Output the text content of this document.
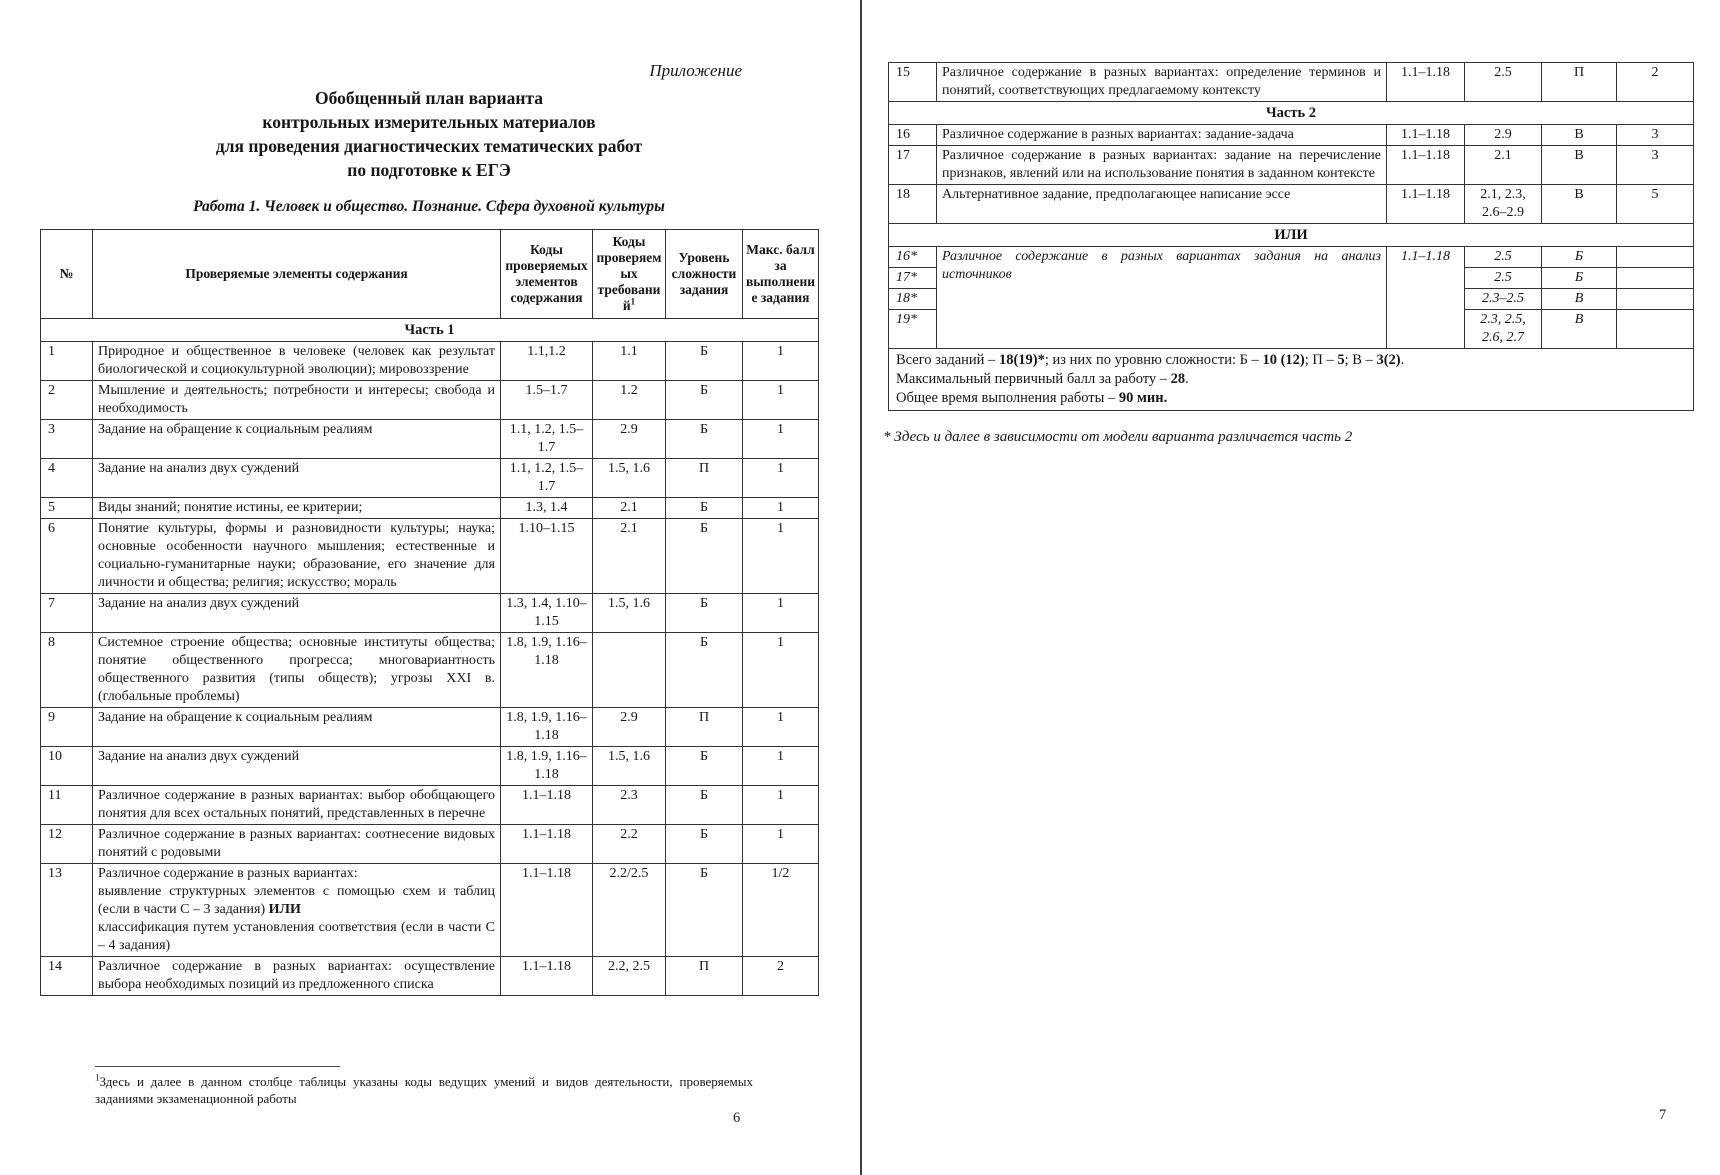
Приложение
Обобщенный план варианта
контрольных измерительных материалов
для проведения диагностических тематических работ
по подготовке к ЕГЭ
Работа 1. Человек и общество. Познание. Сфера духовной культуры
№	Проверяемые элементы содержания	Коды проверяемых элементов содержания	Коды проверяемых требований$^1$	Уровень сложности задания	Макс. балл за выполнение задания
Часть 1					
1	Природное и общественное в человеке (человек как результат биологической и социокультурной эволюции); мировоззрение	1.1,1.2	1.1	Б	1
2	Мышление и деятельность; потребности и интересы; свобода и необходимость	1.5–1.7	1.2	Б	1
3	Задание на обращение к социальным реалиям	1.1, 1.2, 1.5–1.7	2.9	Б	1
4	Задание на анализ двух суждений	1.1, 1.2, 1.5–1.7	1.5, 1.6	П	1
5	Виды знаний; понятие истины, ее критерии;	1.3, 1.4	2.1	Б	1
6	Понятие культуры, формы и разновидности культуры; наука; основные особенности научного мышления; естественные и социально-гуманитарные науки; образование, его значение для личности и общества; религия; искусство; мораль	1.10–1.15	2.1	Б	1
7	Задание на анализ двух суждений	1.3, 1.4, 1.10–1.15	1.5, 1.6	Б	1
8	Системное строение общества; основные институты общества; понятие общественного прогресса; многовариантность общественного развития (типы обществ); угрозы XXI в. (глобальные проблемы)	1.8, 1.9, 1.16–1.18		Б	1
9	Задание на обращение к социальным реалиям	1.8, 1.9, 1.16–1.18	2.9	П	1
10	Задание на анализ двух суждений	1.8, 1.9, 1.16–1.18	1.5, 1.6	Б	1
11	Различное содержание в разных вариантах: выбор обобщающего понятия для всех остальных понятий, представленных в перечне	1.1–1.18	2.3	Б	1
12	Различное содержание в разных вариантах: соотнесение видовых понятий с родовыми	1.1–1.18	2.2	Б	1
13	Различное содержание в разных вариантах:
выявление структурных элементов с помощью схем и таблиц (если в части С – 3 задания) ИЛИ
классификация путем установления соответствия (если в части С – 4 задания)	1.1–1.18	2.2/2.5	Б	1/2
14	Различное содержание в разных вариантах: осуществление выбора необходимых позиций из предложенного списка	1.1–1.18	2.2, 2.5	П	2
$^1$Здесь и далее в данном столбце таблицы указаны коды ведущих умений и видов деятельности, проверяемых заданиями экзаменационной работы
6
15	Различное содержание в разных вариантах: определение терминов и понятий, соответствующих предлагаемому контексту	1.1–1.18	2.5	П	2
Часть 2					
16	Различное содержание в разных вариантах: задание-задача	1.1–1.18	2.9	В	3
17	Различное содержание в разных вариантах: задание на перечисление признаков, явлений или на использование понятия в заданном контексте	1.1–1.18	2.1	В	3
18	Альтернативное задание, предполагающее написание эссе	1.1–1.18	2.1, 2.3, 2.6–2.9	В	5
ИЛИ					
16*	Различное содержание в разных вариантах задания на анализ источников	1.1–1.18	2.5	Б	
17*			2.5	Б	
18*			2.3–2.5	В	
19*			2.3, 2.5, 2.6, 2.7	В	

Всего заданий – 18(19)*; из них по уровню сложности: Б – 10 (12); П – 5; В – 3(2).
Максимальный первичный балл за работу – 28.
Общее время выполнения работы – 90 мин.					
* Здесь и далее в зависимости от модели варианта различается часть 2
7
